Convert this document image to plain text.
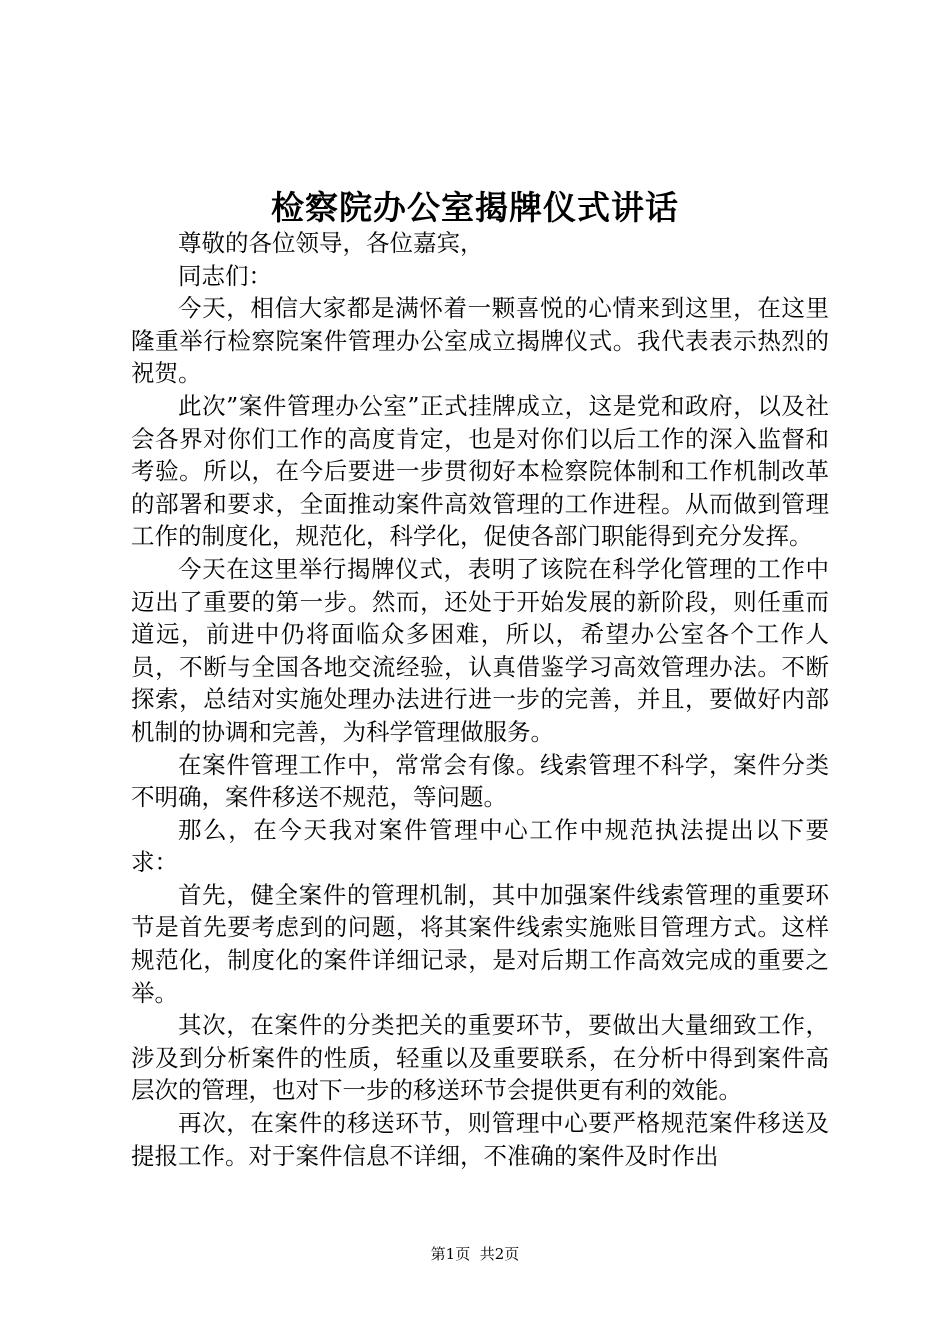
检察院办公室揭牌仪式讲话

尊敬的各位领导，各位嘉宾，

同志们：

今天，相信大家都是满怀着一颗喜悦的心情来到这里，在这里隆重举行检察院案件管理办公室成立揭牌仪式。我代表表示热烈的祝贺。

此次”案件管理办公室”正式挂牌成立，这是党和政府，以及社会各界对你们工作的高度肯定，也是对你们以后工作的深入监督和考验。所以，在今后要进一步贯彻好本检察院体制和工作机制改革的部署和要求，全面推动案件高效管理的工作进程。从而做到管理工作的制度化，规范化，科学化，促使各部门职能得到充分发挥。

今天在这里举行揭牌仪式，表明了该院在科学化管理的工作中迈出了重要的第一步。然而，还处于开始发展的新阶段，则任重而道远，前进中仍将面临众多困难，所以，希望办公室各个工作人员，不断与全国各地交流经验，认真借鉴学习高效管理办法。不断探索，总结对实施处理办法进行进一步的完善，并且，要做好内部机制的协调和完善，为科学管理做服务。

在案件管理工作中，常常会有像。线索管理不科学，案件分类不明确，案件移送不规范，等问题。

那么，在今天我对案件管理中心工作中规范执法提出以下要求：

首先，健全案件的管理机制，其中加强案件线索管理的重要环节是首先要考虑到的问题，将其案件线索实施账目管理方式。这样规范化，制度化的案件详细记录，是对后期工作高效完成的重要之举。

其次，在案件的分类把关的重要环节，要做出大量细致工作，涉及到分析案件的性质，轻重以及重要联系，在分析中得到案件高层次的管理，也对下一步的移送环节会提供更有利的效能。

再次，在案件的移送环节，则管理中心要严格规范案件移送及提报工作。对于案件信息不详细，不准确的案件及时作出

第1页 共2页
